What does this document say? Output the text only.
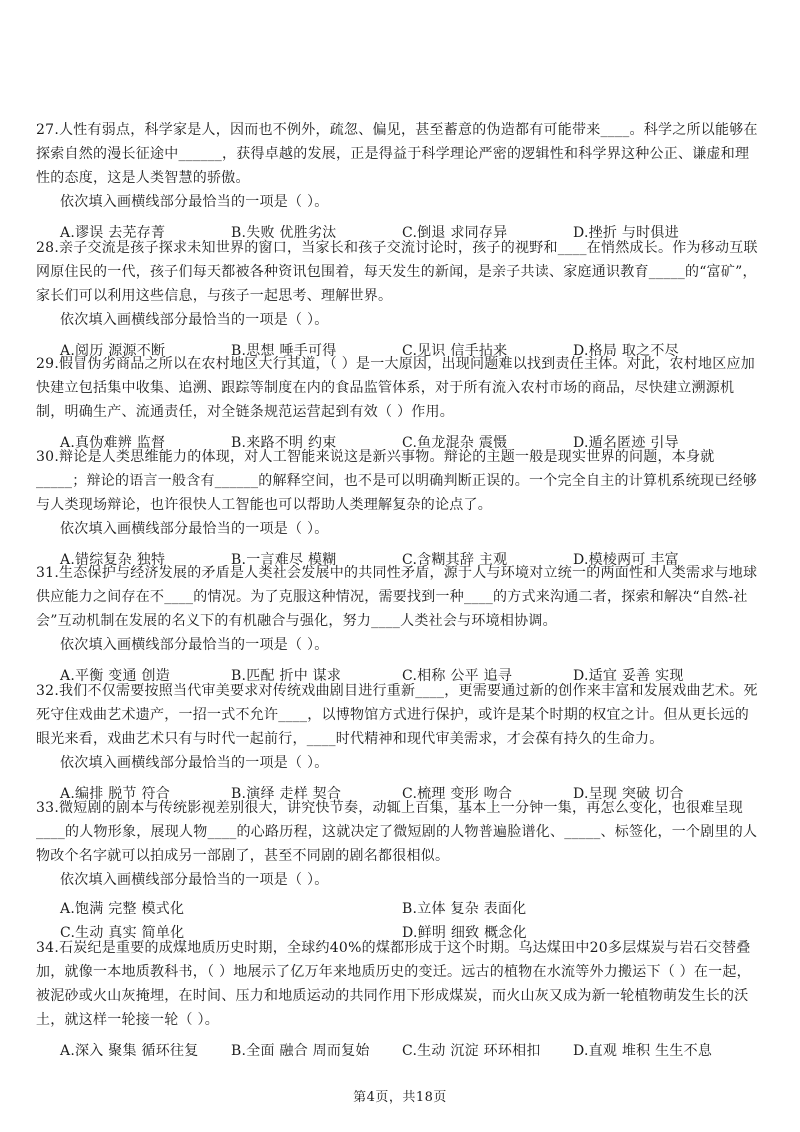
27.人性有弱点，科学家是人，因而也不例外，疏忽、偏见，甚至蓄意的伪造都有可能带来____。科学之所以能够在探索自然的漫长征途中______，获得卓越的发展，正是得益于科学理论严密的逻辑性和科学界这种公正、谦虚和理性的态度，这是人类智慧的骄傲。

依次填入画横线部分最恰当的一项是（ ）。

A.谬误 去芜存菁	B.失败 优胜劣汰	C.倒退 求同存异	D.挫折 与时俱进

28.亲子交流是孩子探求未知世界的窗口，当家长和孩子交流讨论时，孩子的视野和____在悄然成长。作为移动互联网原住民的一代，孩子们每天都被各种资讯包围着，每天发生的新闻，是亲子共读、家庭通识教育_____的“富矿”，家长们可以利用这些信息，与孩子一起思考、理解世界。

依次填入画横线部分最恰当的一项是（ ）。

A.阅历 源源不断	B.思想 唾手可得	C.见识 信手拈来	D.格局 取之不尽

29.假冒伪劣商品之所以在农村地区大行其道，（ ）是一大原因，出现问题难以找到责任主体。对此，农村地区应加快建立包括集中收集、追溯、跟踪等制度在内的食品监管体系，对于所有流入农村市场的商品，尽快建立溯源机制，明确生产、流通责任，对全链条规范运营起到有效（ ）作用。

A.真伪难辨 监督	B.来路不明 约束	C.鱼龙混杂 震慑	D.遁名匿迹 引导

30.辩论是人类思维能力的体现，对人工智能来说这是新兴事物。辩论的主题一般是现实世界的问题，本身就_____；辩论的语言一般含有______的解释空间，也不是可以明确判断正误的。一个完全自主的计算机系统现已经够与人类现场辩论，也许很快人工智能也可以帮助人类理解复杂的论点了。

依次填入画横线部分最恰当的一项是（ ）。

A.错综复杂 独特	B.一言难尽 模糊	C.含糊其辞 主观	D.模棱两可 丰富

31.生态保护与经济发展的矛盾是人类社会发展中的共同性矛盾，源于人与环境对立统一的两面性和人类需求与地球供应能力之间存在不____的情况。为了克服这种情况，需要找到一种____的方式来沟通二者，探索和解决“自然-社会”互动机制在发展的名义下的有机融合与强化，努力____人类社会与环境相协调。

依次填入画横线部分最恰当的一项是（ ）。

A.平衡 变通 创造	B.匹配 折中 谋求	C.相称 公平 追寻	D.适宜 妥善 实现

32.我们不仅需要按照当代审美要求对传统戏曲剧目进行重新____，更需要通过新的创作来丰富和发展戏曲艺术。死死守住戏曲艺术遗产，一招一式不允许____，以博物馆方式进行保护，或许是某个时期的权宜之计。但从更长远的眼光来看，戏曲艺术只有与时代一起前行，____时代精神和现代审美需求，才会葆有持久的生命力。

依次填入画横线部分最恰当的一项是（ ）。

A.编排 脱节 符合	B.演绎 走样 契合	C.梳理 变形 吻合	D.呈现 突破 切合

33.微短剧的剧本与传统影视差别很大，讲究快节奏，动辄上百集，基本上一分钟一集，再怎么变化，也很难呈现____的人物形象，展现人物____的心路历程，这就决定了微短剧的人物普遍脸谱化、_____、标签化，一个剧里的人物改个名字就可以拍成另一部剧了，甚至不同剧的剧名都很相似。

依次填入画横线部分最恰当的一项是（ ）。

A.饱满 完整 模式化	B.立体 复杂 表面化
C.生动 真实 简单化	D.鲜明 细致 概念化

34.石炭纪是重要的成煤地质历史时期，全球约40%的煤都形成于这个时期。乌达煤田中20多层煤炭与岩石交替叠加，就像一本地质教科书，（ ）地展示了亿万年来地质历史的变迁。远古的植物在水流等外力搬运下（ ）在一起，被泥砂或火山灰掩埋，在时间、压力和地质运动的共同作用下形成煤炭，而火山灰又成为新一轮植物萌发生长的沃土，就这样一轮接一轮（ ）。

A.深入 聚集 循环往复	B.全面 融合 周而复始	C.生动 沉淀 环环相扣	D.直观 堆积 生生不息
第4页，共18页
